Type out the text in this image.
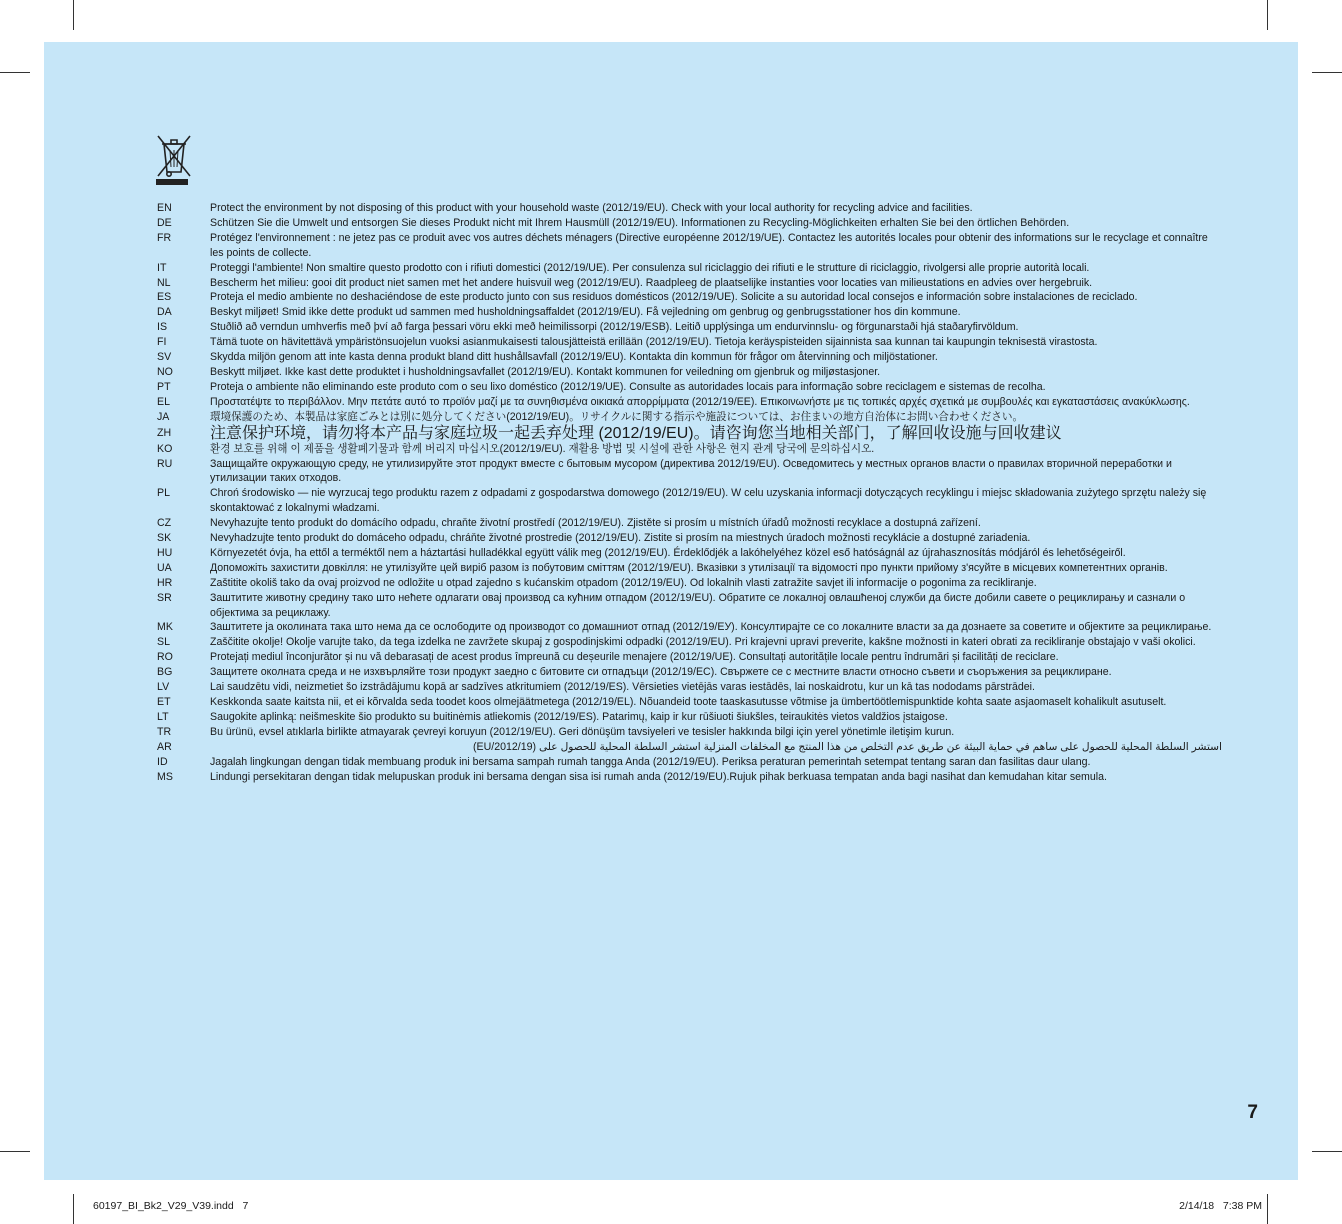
EN	Protect the environment by not disposing of this product with your household waste (2012/19/EU). Check with your local authority for recycling advice and facilities.
DE	Schützen Sie die Umwelt und entsorgen Sie dieses Produkt nicht mit Ihrem Hausmüll (2012/19/EU). Informationen zu Recycling-Möglichkeiten erhalten Sie bei den örtlichen Behörden.
FR	Protégez l'environnement : ne jetez pas ce produit avec vos autres déchets ménagers (Directive européenne 2012/19/UE). Contactez les autorités locales pour obtenir des informations sur le recyclage et connaître les points de collecte.
IT	Proteggi l'ambiente! Non smaltire questo prodotto con i rifiuti domestici (2012/19/UE). Per consulenza sul riciclaggio dei rifiuti e le strutture di riciclaggio, rivolgersi alle proprie autorità locali.
NL	Bescherm het milieu: gooi dit product niet samen met het andere huisvuil weg (2012/19/EU). Raadpleeg de plaatselijke instanties voor locaties van milieustations en advies over hergebruik.
ES	Proteja el medio ambiente no deshaciéndose de este producto junto con sus residuos domésticos (2012/19/UE). Solicite a su autoridad local consejos e información sobre instalaciones de reciclado.
DA	Beskyt miljøet! Smid ikke dette produkt ud sammen med husholdningsaffaldet (2012/19/EU). Få vejledning om genbrug og genbrugsstationer hos din kommune.
IS	Stuðlið að verndun umhverfis með því að farga þessari vöru ekki með heimilissorpi (2012/19/ESB). Leitið upplýsinga um endurvinnslu- og förgunarstaði hjá staðaryfirvöldum.
FI	Tämä tuote on hävitettävä ympäristönsuojelun vuoksi asianmukaisesti talousjätteistä erillään (2012/19/EU). Tietoja keräyspisteiden sijainnista saa kunnan tai kaupungin teknisestä virastosta.
SV	Skydda miljön genom att inte kasta denna produkt bland ditt hushållsavfall (2012/19/EU). Kontakta din kommun för frågor om återvinning och miljöstationer.
NO	Beskytt miljøet. Ikke kast dette produktet i husholdningsavfallet (2012/19/EU). Kontakt kommunen for veiledning om gjenbruk og miljøstasjoner.
PT	Proteja o ambiente não eliminando este produto com o seu lixo doméstico (2012/19/UE). Consulte as autoridades locais para informação sobre reciclagem e sistemas de recolha.
EL	Προστατέψτε το περιβάλλον. Μην πετάτε αυτό το προϊόν μαζί με τα συνηθισμένα οικιακά απορρίμματα (2012/19/ΕΕ). Επικοινωνήστε με τις τοπικές αρχές σχετικά με συμβουλές και εγκαταστάσεις ανακύκλωσης.
JA	環境保護のため、本製品は家庭ごみとは別に処分してください(2012/19/EU)。リサイクルに関する指示や施設については、お住まいの地方自治体にお問い合わせください。
ZH	注意保护环境，请勿将本产品与家庭垃圾一起丢弃处理 (2012/19/EU)。请咨询您当地相关部门，了解回收设施与回收建议
KO	환경 보호를 위해 이 제품을 생활폐기물과 함께 버리지 마십시오(2012/19/EU). 재활용 방법 및 시설에 관한 사항은 현지 관계 당국에 문의하십시오.
RU	Защищайте окружающую среду, не утилизируйте этот продукт вместе с бытовым мусором (директива 2012/19/EU). Осведомитесь у местных органов власти о правилах вторичной переработки и утилизации таких отходов.
PL	Chroń środowisko — nie wyrzucaj tego produktu razem z odpadami z gospodarstwa domowego (2012/19/EU). W celu uzyskania informacji dotyczących recyklingu i miejsc składowania zużytego sprzętu należy się skontaktować z lokalnymi władzami.
CZ	Nevyhazujte tento produkt do domácího odpadu, chraňte životní prostředí (2012/19/EU). Zjistěte si prosím u místních úřadů možnosti recyklace a dostupná zařízení.
SK	Nevyhadzujte tento produkt do domáceho odpadu, chráňte životné prostredie (2012/19/EU). Zistite si prosím na miestnych úradoch možnosti recyklácie a dostupné zariadenia.
HU	Környezetét óvja, ha ettől a terméktől nem a háztartási hulladékkal együtt válik meg (2012/19/EU). Érdeklődjék a lakóhelyéhez közel eső hatóságnál az újrahasznosítás módjáról és lehetőségeiről.
UA	Допоможіть захистити довкілля: не утилізуйте цей виріб разом із побутовим сміттям (2012/19/EU). Вказівки з утилізації та відомості про пункти прийому з'ясуйте в місцевих компетентних органів.
HR	Zaštitite okoliš tako da ovaj proizvod ne odložite u otpad zajedno s kućanskim otpadom (2012/19/EU). Od lokalnih vlasti zatražite savjet ili informacije o pogonima za recikliranje.
SR	Заштитите животну средину тако што нећете одлагати овај производ са кућним отпадом (2012/19/EU). Обратите се локалној овлашћеној служби да бисте добили савете о рециклирању и сазнали о објектима за рециклажу.
MK	Заштитете ја околината така што нема да се ослободите од производот со домашниот отпад (2012/19/ЕУ). Консултирајте се со локалните власти за да дознаете за советите и објектите за рециклирање.
SL	Zaščitite okolje! Okolje varujte tako, da tega izdelka ne zavržete skupaj z gospodinjskimi odpadki (2012/19/EU). Pri krajevni upravi preverite, kakšne možnosti in kateri obrati za recikliranje obstajajo v vaši okolici.
RO	Protejați mediul înconjurător și nu vă debarasați de acest produs împreună cu deșeurile menajere (2012/19/UE). Consultați autoritățile locale pentru îndrumări și facilități de reciclare.
BG	Защитете околната среда и не изхвърляйте този продукт заедно с битовите си отпадъци (2012/19/ЕС). Свържете се с местните власти относно съвети и съоръжения за рециклиране.
LV	Lai saudzētu vidi, neizmetiet šo izstrādājumu kopā ar sadzīves atkritumiem (2012/19/ES). Vērsieties vietējās varas iestādēs, lai noskaidrotu, kur un kā tas nododams pārstrādei.
ET	Keskkonda saate kaitsta nii, et ei kõrvalda seda toodet koos olmejäätmetega (2012/19/EL). Nõuandeid toote taaskasutusse võtmise ja ümbertöötlemispunktide kohta saate asjaomaselt kohalikult asutuselt.
LT	Saugokite aplinką: neišmeskite šio produkto su buitinėmis atliekomis (2012/19/ES). Patarimų, kaip ir kur rūšiuoti šiukšles, teiraukitės vietos valdžios įstaigose.
TR	Bu ürünü, evsel atıklarla birlikte atmayarak çevreyi koruyun (2012/19/EU). Geri dönüşüm tavsiyeleri ve tesisler hakkında bilgi için yerel yönetimle iletişim kurun.
AR	استشر السلطة المحلية للحصول على ساهم في حماية البيئة عن طريق عدم التخلص من هذا المنتج مع المخلفات المنزلية استشر السلطة المحلية للحصول على (2012/19/EU)
ID	Jagalah lingkungan dengan tidak membuang produk ini bersama sampah rumah tangga Anda (2012/19/EU). Periksa peraturan pemerintah setempat tentang saran dan fasilitas daur ulang.
MS	Lindungi persekitaran dengan tidak melupuskan produk ini bersama dengan sisa isi rumah anda (2012/19/EU).Rujuk pihak berkuasa tempatan anda bagi nasihat dan kemudahan kitar semula.
7
60197_BI_Bk2_V29_V39.indd   7	2/14/18   7:38 PM
